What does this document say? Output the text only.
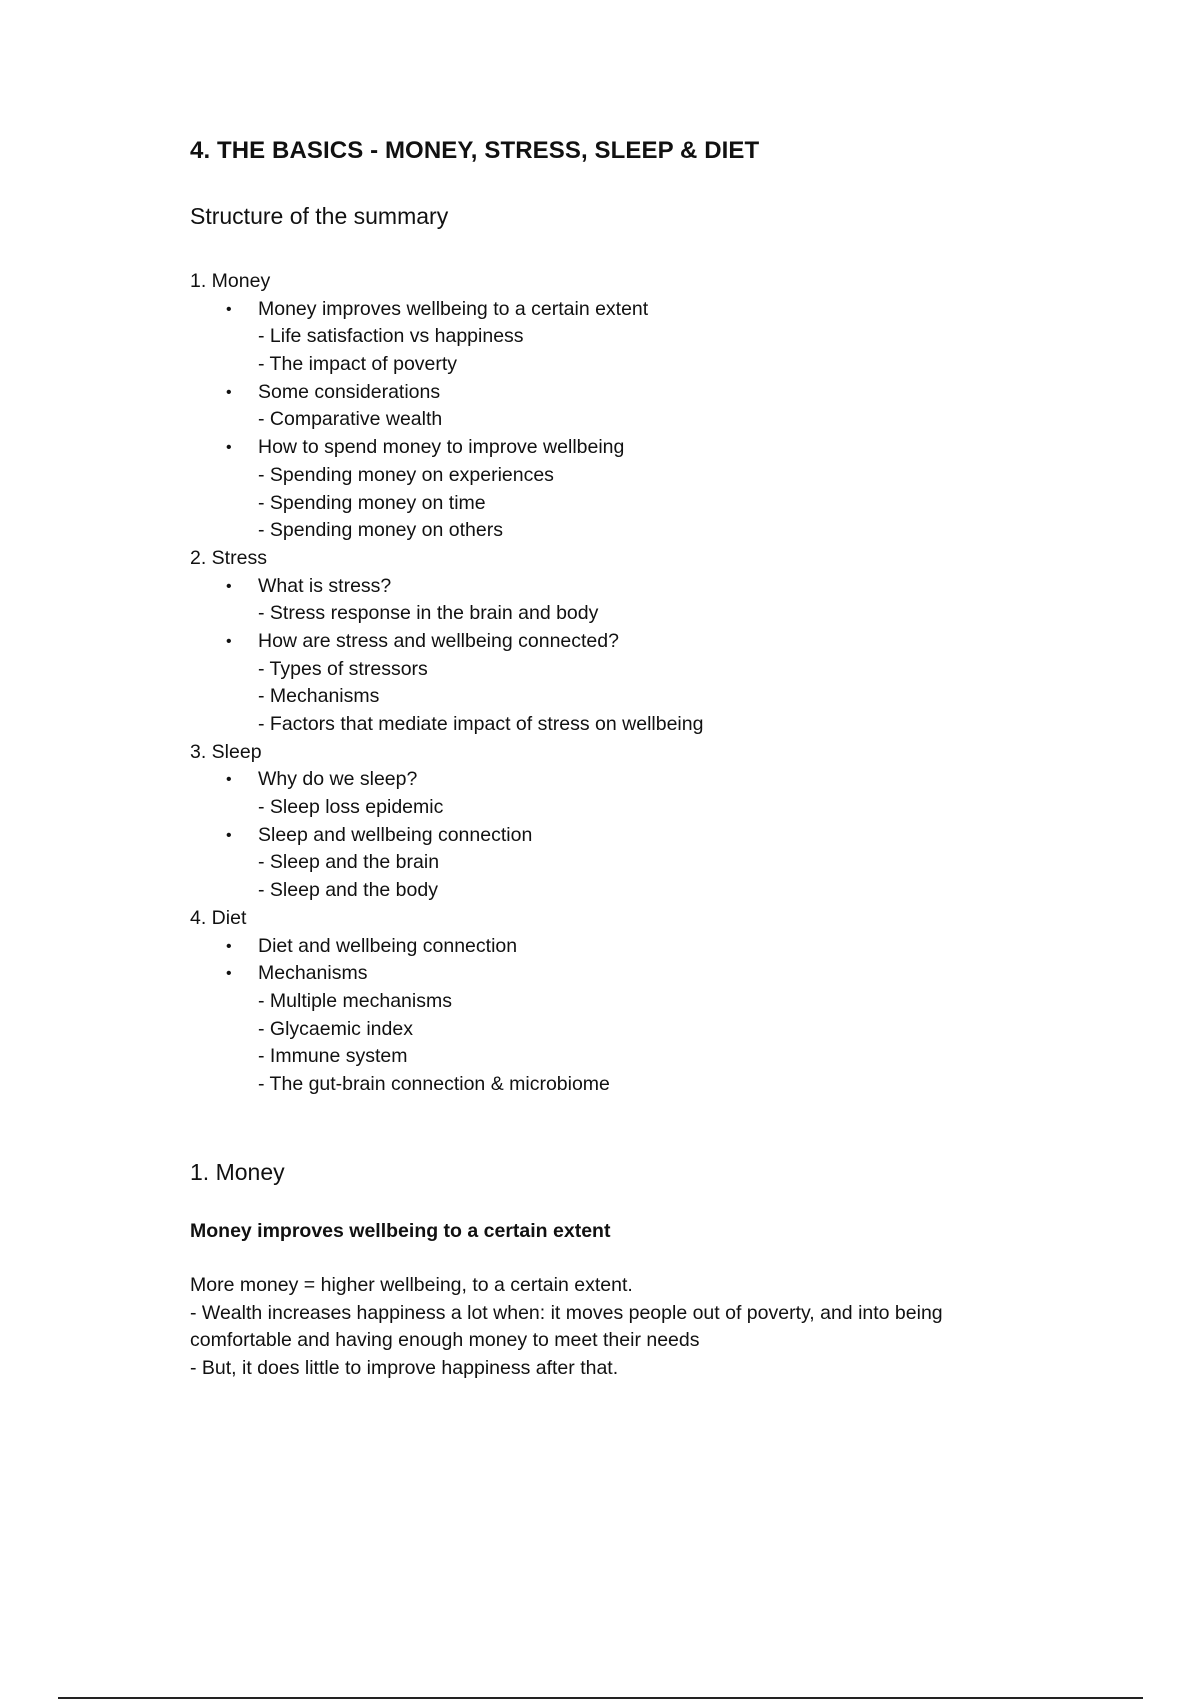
4. THE BASICS - MONEY, STRESS, SLEEP & DIET
Structure of the summary
1. Money
• Money improves wellbeing to a certain extent
- Life satisfaction vs happiness
- The impact of poverty
• Some considerations
- Comparative wealth
• How to spend money to improve wellbeing
- Spending money on experiences
- Spending money on time
- Spending money on others
2. Stress
• What is stress?
- Stress response in the brain and body
• How are stress and wellbeing connected?
- Types of stressors
- Mechanisms
- Factors that mediate impact of stress on wellbeing
3. Sleep
• Why do we sleep?
- Sleep loss epidemic
• Sleep and wellbeing connection
- Sleep and the brain
- Sleep and the body
4. Diet
• Diet and wellbeing connection
• Mechanisms
- Multiple mechanisms
- Glycaemic index
- Immune system
- The gut-brain connection & microbiome
1. Money
Money improves wellbeing to a certain extent
More money = higher wellbeing, to a certain extent.
- Wealth increases happiness a lot when: it moves people out of poverty, and into being
comfortable and having enough money to meet their needs
- But, it does little to improve happiness after that.
